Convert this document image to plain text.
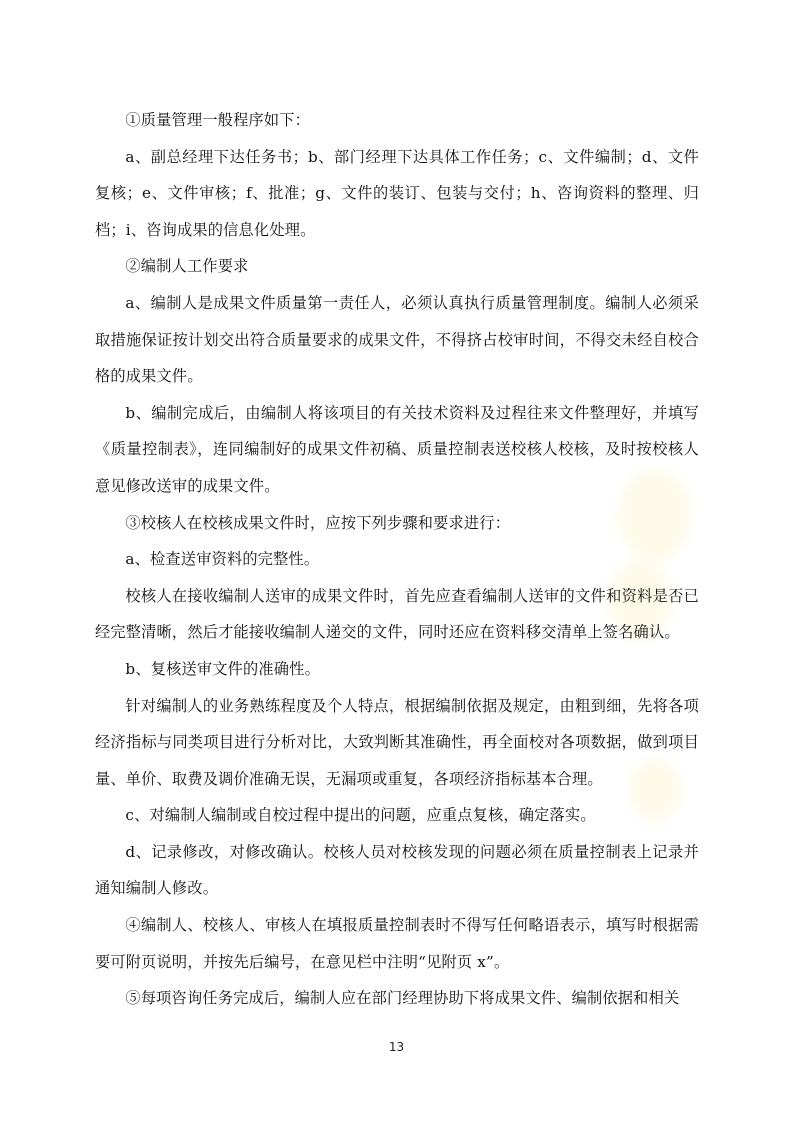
①质量管理一般程序如下：

a、副总经理下达任务书；b、部门经理下达具体工作任务；c、文件编制；d、文件复核；e、文件审核；f、批准；g、文件的装订、包装与交付；h、咨询资料的整理、归档；i、咨询成果的信息化处理。

②编制人工作要求

a、编制人是成果文件质量第一责任人，必须认真执行质量管理制度。编制人必须采取措施保证按计划交出符合质量要求的成果文件，不得挤占校审时间，不得交未经自校合格的成果文件。

b、编制完成后，由编制人将该项目的有关技术资料及过程往来文件整理好，并填写《质量控制表》，连同编制好的成果文件初稿、质量控制表送校核人校核，及时按校核人意见修改送审的成果文件。

③校核人在校核成果文件时，应按下列步骤和要求进行：

a、检查送审资料的完整性。

校核人在接收编制人送审的成果文件时，首先应查看编制人送审的文件和资料是否已经完整清晰，然后才能接收编制人递交的文件，同时还应在资料移交清单上签名确认。

b、复核送审文件的准确性。

针对编制人的业务熟练程度及个人特点，根据编制依据及规定，由粗到细，先将各项经济指标与同类项目进行分析对比，大致判断其准确性，再全面校对各项数据，做到项目量、单价、取费及调价准确无误，无漏项或重复，各项经济指标基本合理。

c、对编制人编制或自校过程中提出的问题，应重点复核，确定落实。

d、记录修改，对修改确认。校核人员对校核发现的问题必须在质量控制表上记录并通知编制人修改。

④编制人、校核人、审核人在填报质量控制表时不得写任何略语表示，填写时根据需要可附页说明，并按先后编号，在意见栏中注明“见附页 x”。

⑤每项咨询任务完成后，编制人应在部门经理协助下将成果文件、编制依据和相关

13
